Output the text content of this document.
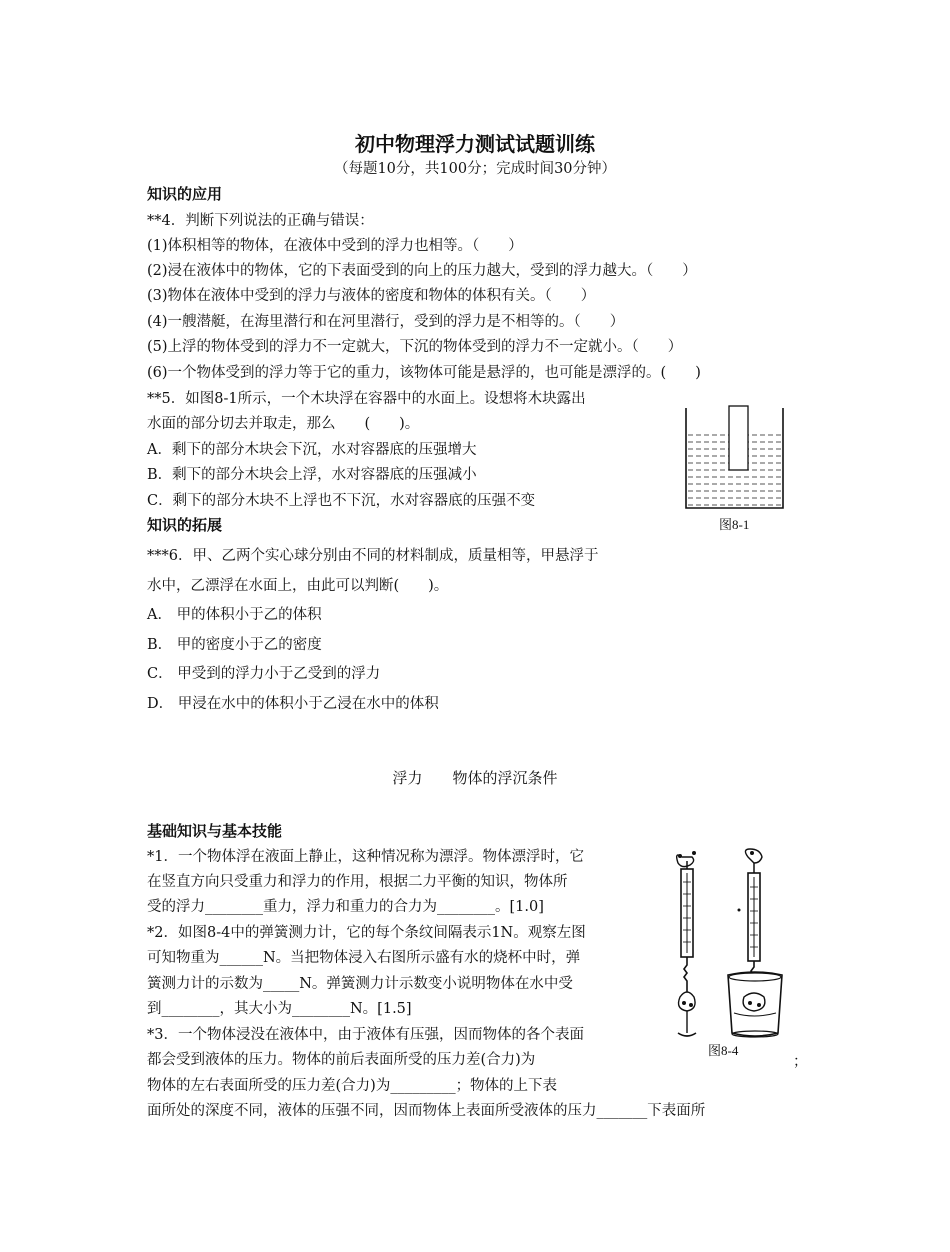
初中物理浮力测试试题训练
（每题10分，共100分；完成时间30分钟）
知识的应用
**4．判断下列说法的正确与错误：
(1)体积相等的物体，在液体中受到的浮力也相等。（　　）
(2)浸在液体中的物体，它的下表面受到的向上的压力越大，受到的浮力越大。（　　）
(3)物体在液体中受到的浮力与液体的密度和物体的体积有关。（　　）
(4)一艘潜艇，在海里潜行和在河里潜行，受到的浮力是不相等的。（　　）
(5)上浮的物体受到的浮力不一定就大，下沉的物体受到的浮力不一定就小。（　　）
(6)一个物体受到的浮力等于它的重力，该物体可能是悬浮的，也可能是漂浮的。(　　)
**5．如图8-1所示，一个木块浮在容器中的水面上。设想将木块露出
水面的部分切去并取走，那么　　(　　)。
A．剩下的部分木块会下沉，水对容器底的压强增大
B．剩下的部分木块会上浮，水对容器底的压强减小
C．剩下的部分木块不上浮也不下沉，水对容器底的压强不变
图8-1
知识的拓展
***6．甲、乙两个实心球分别由不同的材料制成，质量相等，甲悬浮于
水中，乙漂浮在水面上，由此可以判断(　　)。
A． 甲的体积小于乙的体积
B． 甲的密度小于乙的密度
C． 甲受到的浮力小于乙受到的浮力
D． 甲浸在水中的体积小于乙浸在水中的体积
浮力　　物体的浮沉条件
基础知识与基本技能
*1．一个物体浮在液面上静止，这种情况称为漂浮。物体漂浮时，它
在竖直方向只受重力和浮力的作用，根据二力平衡的知识，物体所
受的浮力________重力，浮力和重力的合力为________。[1.0]
*2．如图8-4中的弹簧测力计，它的每个条纹间隔表示1N。观察左图
可知物重为______N。当把物体浸入右图所示盛有水的烧杯中时，弹
簧测力计的示数为_____N。弹簧测力计示数变小说明物体在水中受
到________，其大小为________N。[1.5]
*3．一个物体浸没在液体中，由于液体有压强，因而物体的各个表面
都会受到液体的压力。物体的前后表面所受的压力差(合力)为
物体的左右表面所受的压力差(合力)为_________；物体的上下表
面所处的深度不同，液体的压强不同，因而物体上表面所受液体的压力_______下表面所
；
图8-4
